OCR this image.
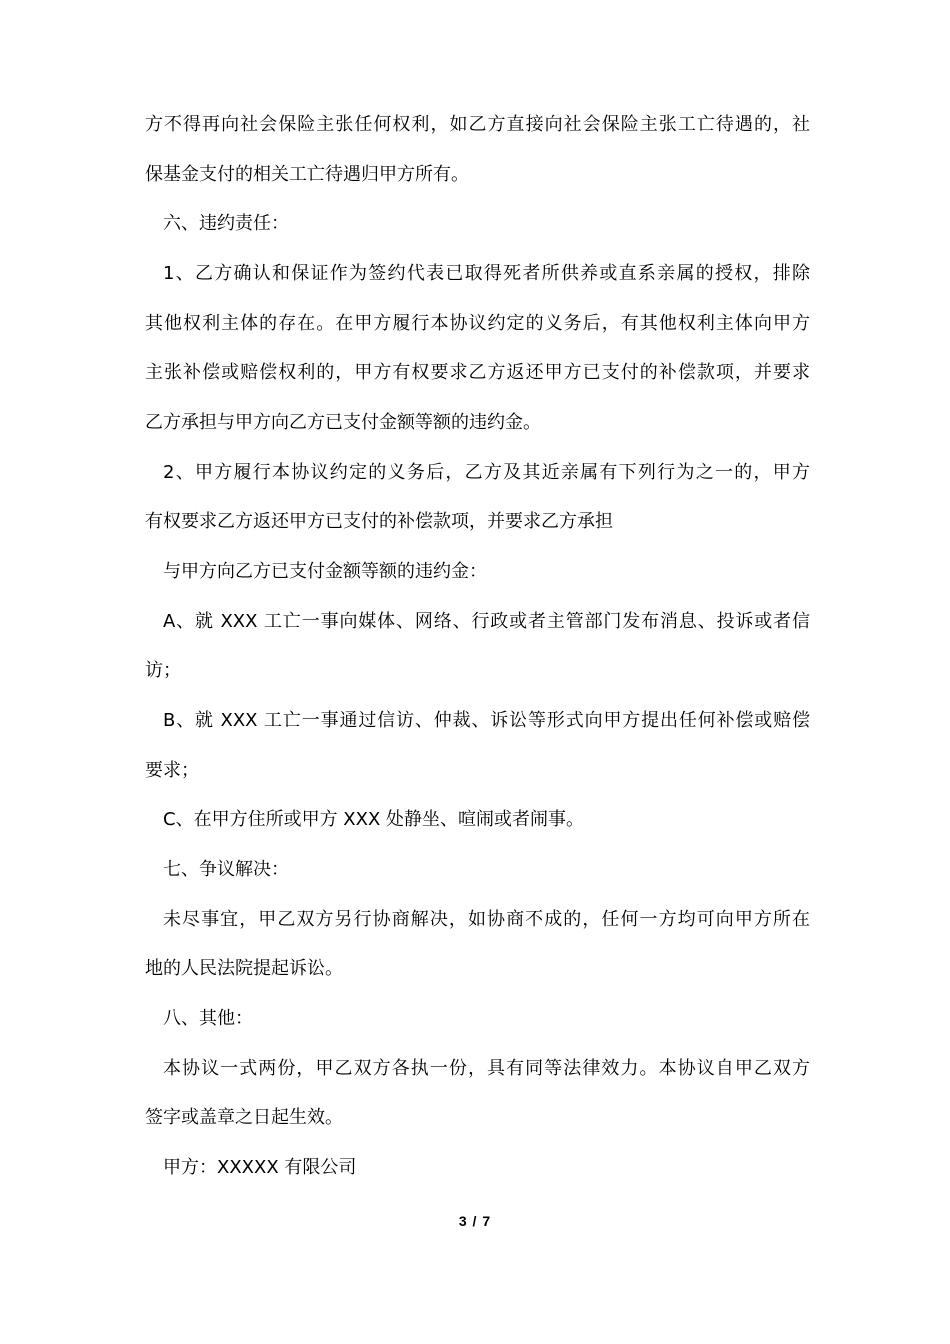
方不得再向社会保险主张任何权利，如乙方直接向社会保险主张工亡待遇的，社
保基金支付的相关工亡待遇归甲方所有。
六、违约责任：
1、乙方确认和保证作为签约代表已取得死者所供养或直系亲属的授权，排除
其他权利主体的存在。在甲方履行本协议约定的义务后，有其他权利主体向甲方
主张补偿或赔偿权利的，甲方有权要求乙方返还甲方已支付的补偿款项，并要求
乙方承担与甲方向乙方已支付金额等额的违约金。
2、甲方履行本协议约定的义务后，乙方及其近亲属有下列行为之一的，甲方
有权要求乙方返还甲方已支付的补偿款项，并要求乙方承担
与甲方向乙方已支付金额等额的违约金：
A、就 XXX 工亡一事向媒体、网络、行政或者主管部门发布消息、投诉或者信
访；
B、就 XXX 工亡一事通过信访、仲裁、诉讼等形式向甲方提出任何补偿或赔偿
要求；
C、在甲方住所或甲方 XXX 处静坐、喧闹或者闹事。
七、争议解决：
未尽事宜，甲乙双方另行协商解决，如协商不成的，任何一方均可向甲方所在
地的人民法院提起诉讼。
八、其他：
本协议一式两份，甲乙双方各执一份，具有同等法律效力。本协议自甲乙双方
签字或盖章之日起生效。
甲方：XXXXX 有限公司
3 / 7
